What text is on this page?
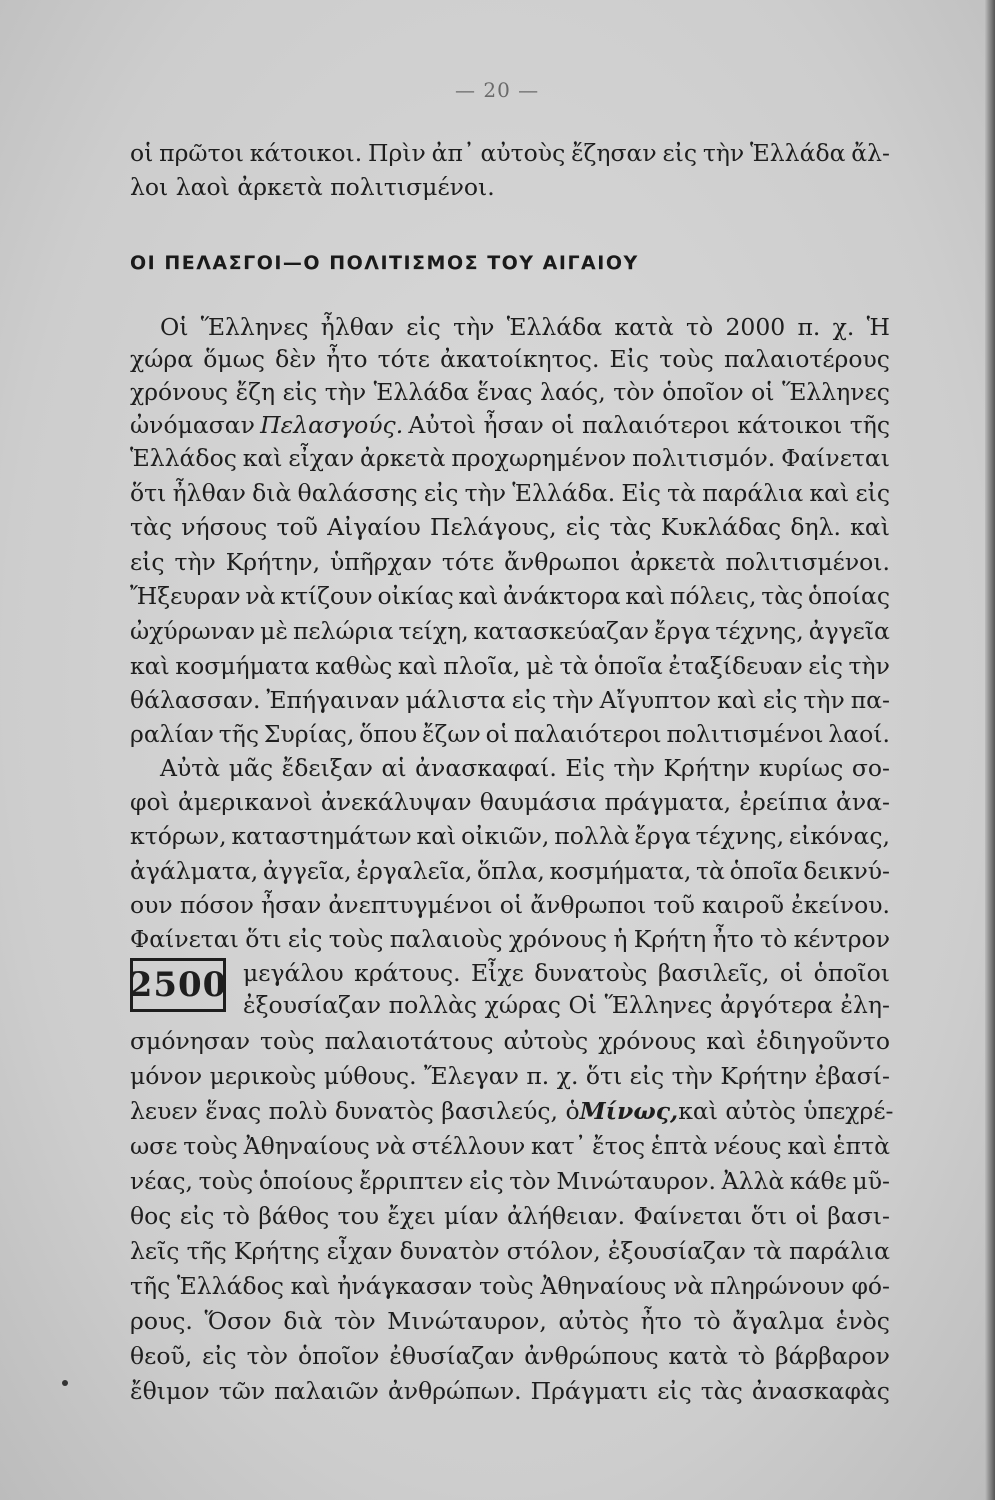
— 20 —
οἱ πρῶτοι κάτοικοι. Πρὶν ἀπ᾿ αὐτοὺς ἔζησαν εἰς τὴν Ἑλλάδα ἄλ-
λοι λαοὶ ἀρκετὰ πολιτισμένοι.
ΟΙ ΠΕΛΑΣΓΟΙ—Ο ΠΟΛΙΤΙΣΜΟΣ ΤΟΥ ΑΙΓΑΙΟΥ
Οἱ Ἕλληνες ἦλθαν εἰς τὴν Ἑλλάδα κατὰ τὸ 2000 π. χ. Ἡ
χώρα ὅμως δὲν ἦτο τότε ἀκατοίκητος. Εἰς τοὺς παλαιοτέρους
χρόνους ἔζη εἰς τὴν Ἑλλάδα ἕνας λαός, τὸν ὁποῖον οἱ Ἕλληνες
ὠνόμασαν Πελασγούς. Αὐτοὶ ἦσαν οἱ παλαιότεροι κάτοικοι τῆς
Ἑλλάδος καὶ εἶχαν ἀρκετὰ προχωρημένον πολιτισμόν. Φαίνεται
ὅτι ἦλθαν διὰ θαλάσσης εἰς τὴν Ἑλλάδα. Εἰς τὰ παράλια καὶ εἰς
τὰς νήσους τοῦ Αἰγαίου Πελάγους, εἰς τὰς Κυκλάδας δηλ. καὶ
εἰς τὴν Κρήτην, ὑπῆρχαν τότε ἄνθρωποι ἀρκετὰ πολιτισμένοι.
Ἤξευραν νὰ κτίζουν οἰκίας καὶ ἀνάκτορα καὶ πόλεις, τὰς ὁποίας
ὠχύρωναν μὲ πελώρια τείχη, κατασκεύαζαν ἔργα τέχνης, ἀγγεῖα
καὶ κοσμήματα καθὼς καὶ πλοῖα, μὲ τὰ ὁποῖα ἐταξίδευαν εἰς τὴν
θάλασσαν. Ἐπήγαιναν μάλιστα εἰς τὴν Αἴγυπτον καὶ εἰς τὴν πα-
ραλίαν τῆς Συρίας, ὅπου ἔζων οἱ παλαιότεροι πολιτισμένοι λαοί.
Αὐτὰ μᾶς ἔδειξαν αἱ ἀνασκαφαί. Εἰς τὴν Κρήτην κυρίως σο-
φοὶ ἀμερικανοὶ ἀνεκάλυψαν θαυμάσια πράγματα, ἐρείπια ἀνα-
κτόρων, καταστημάτων καὶ οἰκιῶν, πολλὰ ἔργα τέχνης, εἰκόνας,
ἀγάλματα, ἀγγεῖα, ἐργαλεῖα, ὅπλα, κοσμήματα, τὰ ὁποῖα δεικνύ-
ουν πόσον ἦσαν ἀνεπτυγμένοι οἱ ἄνθρωποι τοῦ καιροῦ ἐκείνου.
Φαίνεται ὅτι εἰς τοὺς παλαιοὺς χρόνους ἡ Κρήτη ἦτο τὸ κέντρον
2500 μεγάλου κράτους. Εἶχε δυνατοὺς βασιλεῖς, οἱ ὁποῖοι
ἐξουσίαζαν πολλὰς χώρας Οἱ Ἕλληνες ἀργότερα ἐλη-
σμόνησαν τοὺς παλαιοτάτους αὐτοὺς χρόνους καὶ ἐδιηγοῦντο
μόνον μερικοὺς μύθους. Ἔλεγαν π. χ. ὅτι εἰς τὴν Κρήτην ἐβασί-
λευεν ἕνας πολὺ δυνατὸς βασιλεύς, ὁ Μίνως, καὶ αὐτὸς ὑπεχρέ-
ωσε τοὺς Ἀθηναίους νὰ στέλλουν κατ᾿ ἔτος ἑπτὰ νέους καὶ ἑπτὰ
νέας, τοὺς ὁποίους ἔρριπτεν εἰς τὸν Μινώταυρον. Ἀλλὰ κάθε μῦ-
θος εἰς τὸ βάθος του ἔχει μίαν ἀλήθειαν. Φαίνεται ὅτι οἱ βασι-
λεῖς τῆς Κρήτης εἶχαν δυνατὸν στόλον, ἐξουσίαζαν τὰ παράλια
τῆς Ἑλλάδος καὶ ἠνάγκασαν τοὺς Ἀθηναίους νὰ πληρώνουν φό-
ρους. Ὅσον διὰ τὸν Μινώταυρον, αὐτὸς ἦτο τὸ ἄγαλμα ἑνὸς
θεοῦ, εἰς τὸν ὁποῖον ἐθυσίαζαν ἀνθρώπους κατὰ τὸ βάρβαρον
ἔθιμον τῶν παλαιῶν ἀνθρώπων. Πράγματι εἰς τὰς ἀνασκαφὰς
